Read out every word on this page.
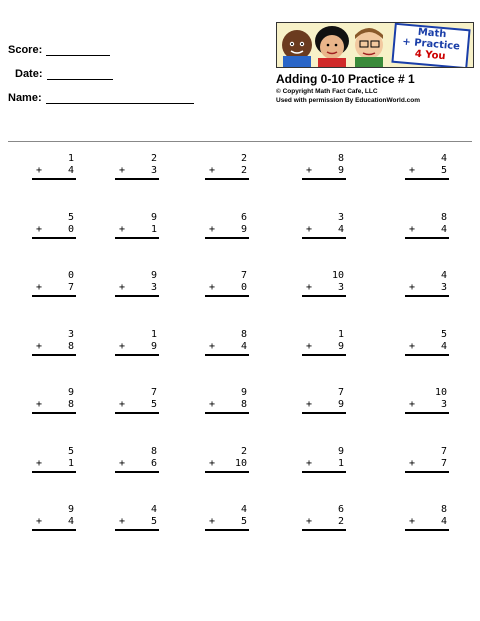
Score:
Date:
Name:
Math
+ Practice
4 You
Adding 0-10 Practice # 1
© Copyright Math Fact Cafe, LLC
Used with permission By EducationWorld.com
1
+	4
2
+	3
2
+	2
8
+	9
4
+	5
5
+	0
9
+	1
6
+	9
3
+	4
8
+	4
0
+	7
9
+	3
7
+	0
10
+	3
4
+	3
3
+	8
1
+	9
8
+	4
1
+	9
5
+	4
9
+	8
7
+	5
9
+	8
7
+	9
10
+	3
5
+	1
8
+	6
2
+ 10
9
+	1
7
+	7
9
+	4
4
+	5
4
+	5
6
+	2
8
+	4
